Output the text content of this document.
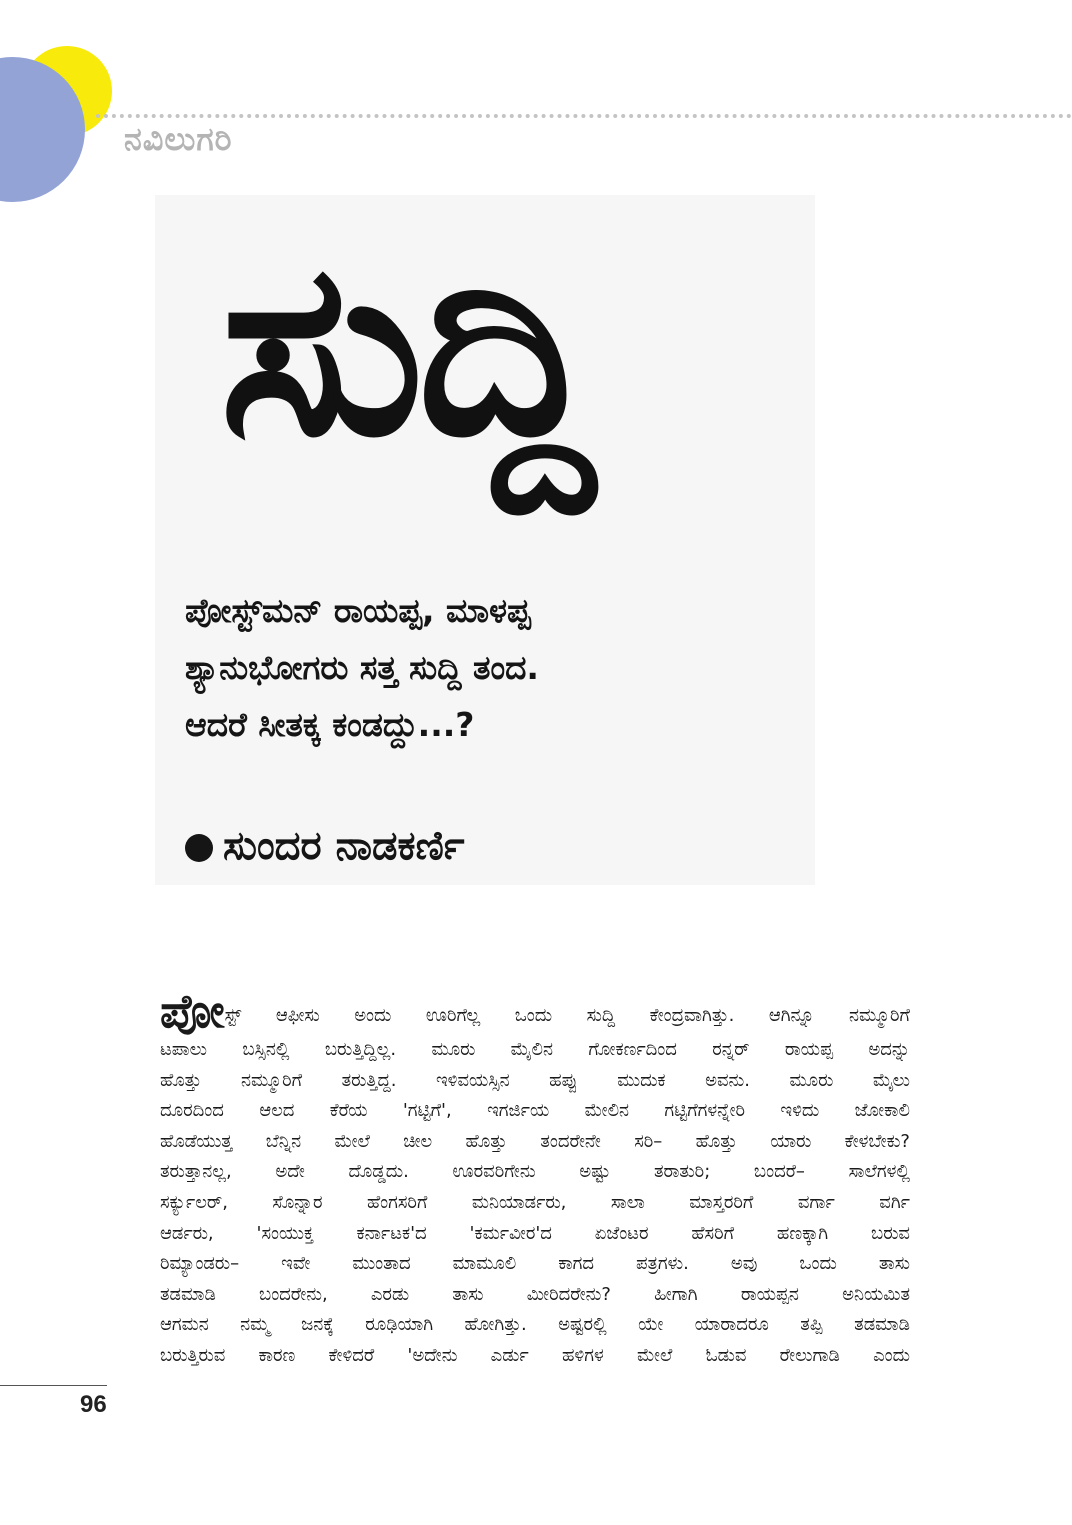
ನವಿಲುಗರಿ
ಸುದ್ದಿ
ಪೋಸ್ಟ್‌ಮನ್ ರಾಯಪ್ಪ, ಮಾಳಪ್ಪ
ಶ್ಯಾನುಭೋಗರು ಸತ್ತ ಸುದ್ದಿ ತಂದ.
ಆದರೆ ಸೀತಕ್ಕ ಕಂಡದ್ದು...?
ಸುಂದರ ನಾಡಕರ್ಣಿ
ಪೋಸ್ಟ್ ಆಫೀಸು ಅಂದು ಊರಿಗೆಲ್ಲ ಒಂದು ಸುದ್ದಿ ಕೇಂದ್ರವಾಗಿತ್ತು. ಆಗಿನ್ನೂ ನಮ್ಮೂರಿಗೆ
ಟಪಾಲು ಬಸ್ಸಿನಲ್ಲಿ ಬರುತ್ತಿದ್ದಿಲ್ಲ. ಮೂರು ಮೈಲಿನ ಗೋಕರ್ಣದಿಂದ ರನ್ನರ್ ರಾಯಪ್ಪ ಅದನ್ನು
ಹೊತ್ತು ನಮ್ಮೂರಿಗೆ ತರುತ್ತಿದ್ದ. ಇಳಿವಯಸ್ಸಿನ ಹಪ್ಪು ಮುದುಕ ಅವನು. ಮೂರು ಮೈಲು
ದೂರದಿಂದ ಆಲದ ಕೆರೆಯ 'ಗಟ್ಟಿಗೆ', ಇಗರ್ಜಿಯ ಮೇಲಿನ ಗಟ್ಟಿಗೆಗಳನ್ನೇರಿ ಇಳಿದು ಜೋಕಾಲಿ
ಹೊಡೆಯುತ್ತ ಬೆನ್ನಿನ ಮೇಲೆ ಚೀಲ ಹೊತ್ತು ತಂದರೇನೇ ಸರಿ– ಹೊತ್ತು ಯಾರು ಕೇಳಬೇಕು?
ತರುತ್ತಾನಲ್ಲ, ಅದೇ ದೊಡ್ಡದು. ಊರವರಿಗೇನು ಅಷ್ಟು ತರಾತುರಿ; ಬಂದರೆ– ಸಾಲೆಗಳಲ್ಲಿ
ಸರ್ಕ್ಯುಲರ್, ಸೊನ್ನಾರ ಹೆಂಗಸರಿಗೆ ಮನಿಯಾರ್ಡರು, ಸಾಲಾ ಮಾಸ್ತರರಿಗೆ ವರ್ಗಾ ವರ್ಗಿ
ಆರ್ಡರು, 'ಸಂಯುಕ್ತ ಕರ್ನಾಟಕ'ದ 'ಕರ್ಮವೀರ'ದ ಏಜೆಂಟರ ಹೆಸರಿಗೆ ಹಣಕ್ಕಾಗಿ ಬರುವ
ರಿಮ್ಯಾಂಡರು– ಇವೇ ಮುಂತಾದ ಮಾಮೂಲಿ ಕಾಗದ ಪತ್ರಗಳು. ಅವು ಒಂದು ತಾಸು
ತಡಮಾಡಿ ಬಂದರೇನು, ಎರಡು ತಾಸು ಮೀರಿದರೇನು? ಹೀಗಾಗಿ ರಾಯಪ್ಪನ ಅನಿಯಮಿತ
ಆಗಮನ ನಮ್ಮ ಜನಕ್ಕೆ ರೂಢಿಯಾಗಿ ಹೋಗಿತ್ತು. ಅಷ್ಟರಲ್ಲಿ ಯೇ ಯಾರಾದರೂ ತಪ್ಪಿ ತಡಮಾಡಿ
ಬರುತ್ತಿರುವ ಕಾರಣ ಕೇಳಿದರೆ 'ಅದೇನು ಎರ್ಡು ಹಳಿಗಳ ಮೇಲೆ ಓಡುವ ರೇಲುಗಾಡಿ ಎಂದು
96
